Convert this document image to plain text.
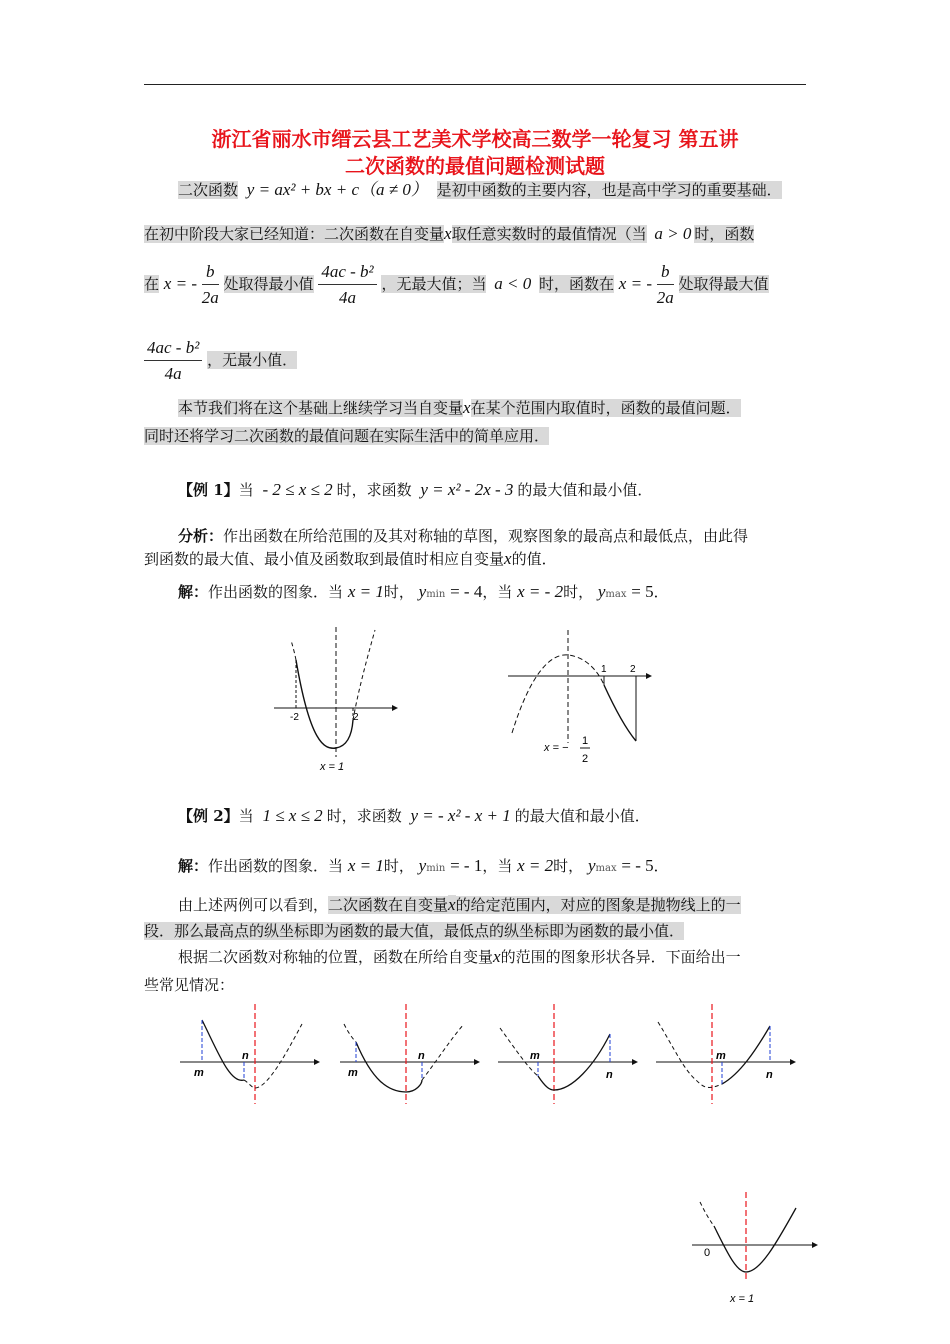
浙江省丽水市缙云县工艺美术学校高三数学一轮复习 第五讲
二次函数的最值问题检测试题
二次函数 y = ax² + bx + c（a ≠ 0） 是初中函数的主要内容，也是高中学习的重要基础．
在初中阶段大家已经知道：二次函数在自变量x取任意实数时的最值情况（当 a > 0 时，函数
在 x = - $\frac{b}{2a}$ 处取得最小值 $\frac{\text{4ac - b²}}{4a}$ ，无最大值；当 a < 0 时，函数在 x = - $\frac{b}{2a}$ 处取得最大值
$\frac{\text{4ac - b²}}{4a}$ ，无最小值．
本节我们将在这个基础上继续学习当自变量x在某个范围内取值时，函数的最值问题．
同时还将学习二次函数的最值问题在实际生活中的简单应用．
【例 1】当 - 2 ≤ x ≤ 2 时，求函数 y = x² - 2x - 3 的最大值和最小值．
分析：作出函数在所给范围的及其对称轴的草图，观察图象的最高点和最低点，由此得
到函数的最大值、最小值及函数取到最值时相应自变量x的值．
解：作出函数的图象．当 x = 1时， ymin = - 4，当 x = - 2时， ymax = 5．
-2	2
x = 1
1 2
x = −
1
2
【例 2】当 1 ≤ x ≤ 2 时，求函数 y = - x² - x + 1 的最大值和最小值．
解：作出函数的图象．当 x = 1时， ymin = - 1，当 x = 2时， ymax = - 5．
由上述两例可以看到，二次函数在自变量x的给定范围内，对应的图象是抛物线上的一
段．那么最高点的纵坐标即为函数的最大值，最低点的纵坐标即为函数的最小值．
根据二次函数对称轴的位置，函数在所给自变量x的范围的图象形状各异．下面给出一
些常见情况：
m
n
m
n	m
n
m
n
0
x = 1
